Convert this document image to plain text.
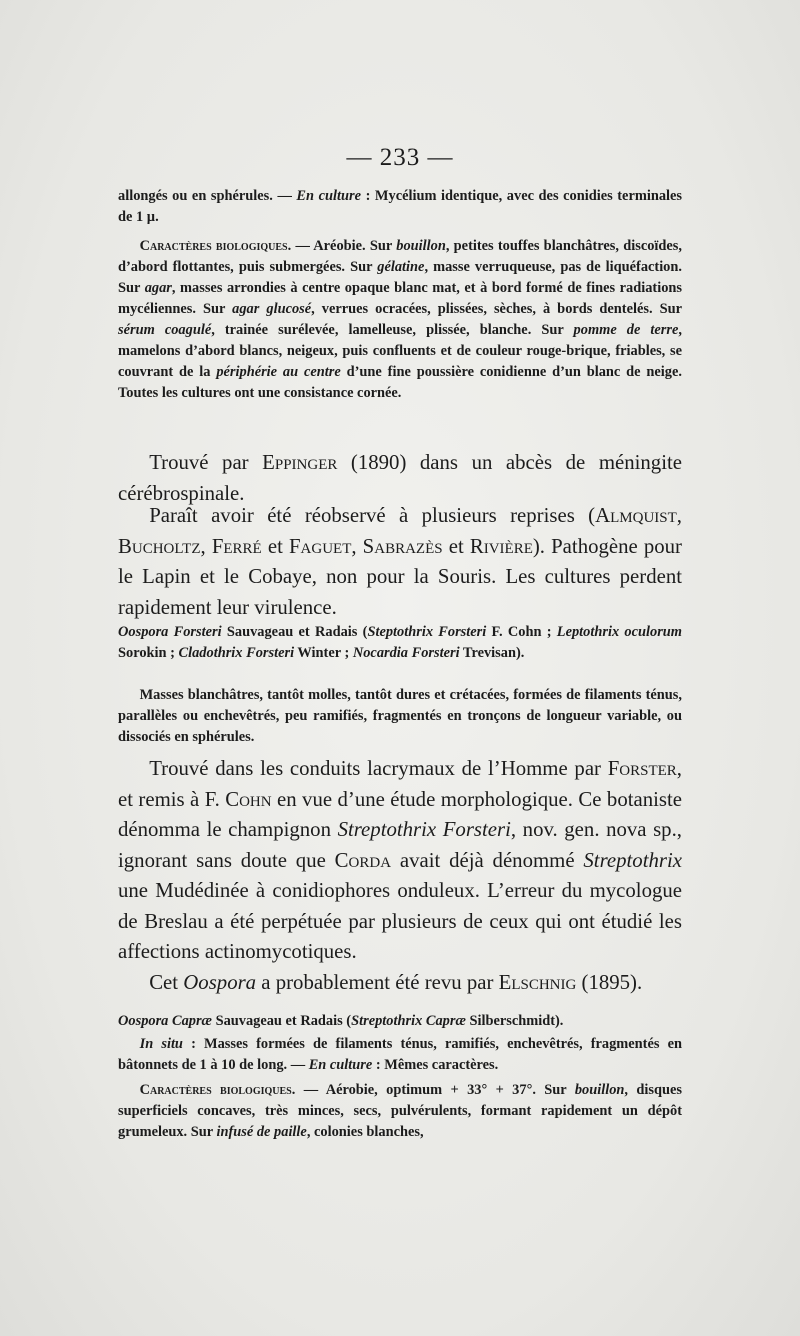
— 233 —

allongés ou en sphérules. — En culture : Mycélium identique, avec des conidies terminales de 1 µ.

Caractères biologiques. — Aréobie. Sur bouillon, petites touffes blanchâtres, discoïdes, d’abord flottantes, puis submergées. Sur gélatine, masse verruqueuse, pas de liquéfaction. Sur agar, masses arrondies à centre opaque blanc mat, et à bord formé de fines radiations mycéliennes. Sur agar glucosé, verrues ocracées, plissées, sèches, à bords dentelés. Sur sérum coagulé, trainée surélevée, lamelleuse, plissée, blanche. Sur pomme de terre, mamelons d’abord blancs, neigeux, puis confluents et de couleur rouge-brique, friables, se couvrant de la périphérie au centre d’une fine poussière conidienne d’un blanc de neige. Toutes les cultures ont une consistance cornée.

Trouvé par Eppinger (1890) dans un abcès de méningite cérébrospinale.

Paraît avoir été réobservé à plusieurs reprises (Almquist, Bucholtz, Ferré et Faguet, Sabrazès et Rivière). Pathogène pour le Lapin et le Cobaye, non pour la Souris. Les cultures perdent rapidement leur virulence.

Oospora Forsteri Sauvageau et Radais (Steptothrix Forsteri F. Cohn ; Leptothrix oculorum Sorokin ; Cladothrix Forsteri Winter ; Nocardia Forsteri Trevisan).

Masses blanchâtres, tantôt molles, tantôt dures et crétacées, formées de filaments ténus, parallèles ou enchevêtrés, peu ramifiés, fragmentés en tronçons de longueur variable, ou dissociés en sphérules.

Trouvé dans les conduits lacrymaux de l’Homme par Forster, et remis à F. Cohn en vue d’une étude morphologique. Ce botaniste dénomma le champignon Streptothrix Forsteri, nov. gen. nova sp., ignorant sans doute que Corda avait déjà dénommé Streptothrix une Mudédinée à conidiophores onduleux. L’erreur du mycologue de Breslau a été perpétuée par plusieurs de ceux qui ont étudié les affections actinomycotiques.

Cet Oospora a probablement été revu par Elschnig (1895).

Oospora Capræ Sauvageau et Radais (Streptothrix Capræ Silberschmidt).

In situ : Masses formées de filaments ténus, ramifiés, enchevêtrés, fragmentés en bâtonnets de 1 à 10 de long. — En culture : Mêmes caractères.

Caractères biologiques. — Aérobie, optimum + 33° + 37°. Sur bouillon, disques superficiels concaves, très minces, secs, pulvérulents, formant rapidement un dépôt grumeleux. Sur infusé de paille, colonies blanches,
